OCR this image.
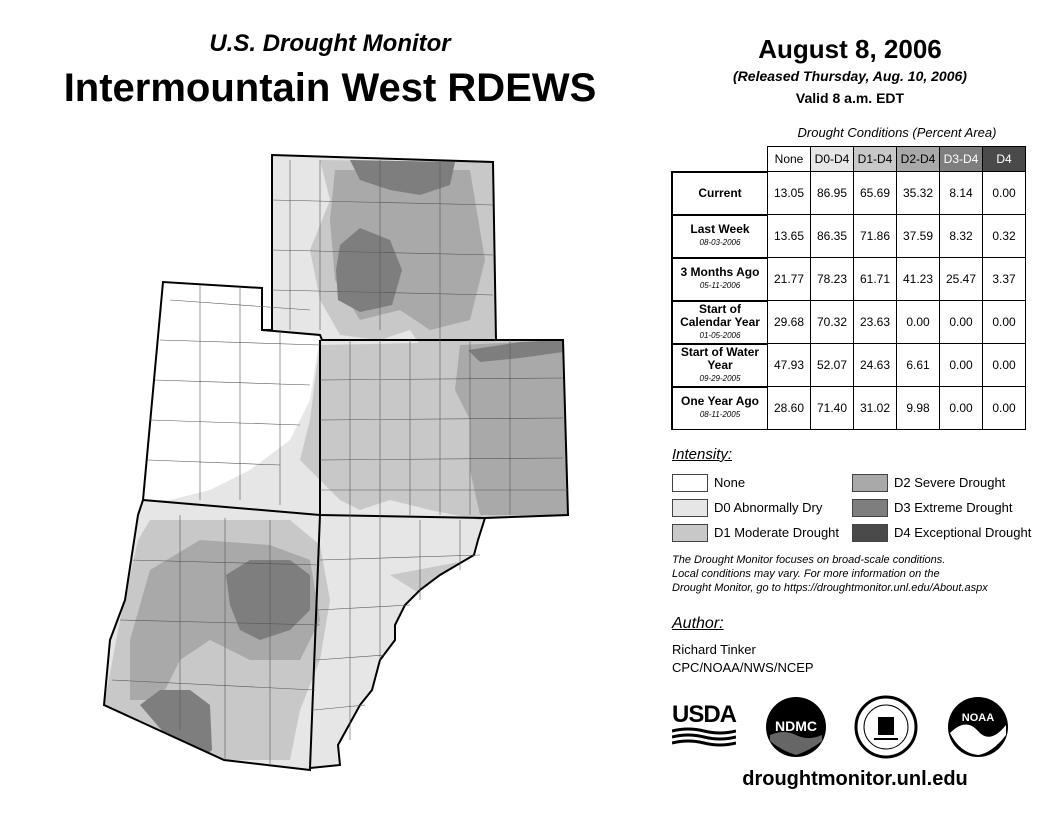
U.S. Drought Monitor
Intermountain West RDEWS
August 8, 2006
(Released Thursday, Aug. 10, 2006)
Valid 8 a.m. EDT
Drought Conditions (Percent Area)
	None	D0-D4	D1-D4	D2-D4	D3-D4	D4
Current	13.05	86.95	65.69	35.32	8.14	0.00
Last Week
08-03-2006	13.65	86.35	71.86	37.59	8.32	0.32
3 Months Ago
05-11-2006	21.77	78.23	61.71	41.23	25.47	3.37
Start of Calendar Year
01-05-2006	29.68	70.32	23.63	0.00	0.00	0.00
Start of Water Year
09-29-2005	47.93	52.07	24.63	6.61	0.00	0.00
One Year Ago
08-11-2005	28.60	71.40	31.02	9.98	0.00	0.00
Intensity:
None
D0 Abnormally Dry
D1 Moderate Drought
D2 Severe Drought
D3 Extreme Drought
D4 Exceptional Drought
The Drought Monitor focuses on broad-scale conditions.
Local conditions may vary. For more information on the
Drought Monitor, go to https://droughtmonitor.unl.edu/About.aspx
Author:
Richard Tinker
CPC/NOAA/NWS/NCEP
USDA	NDMC	NOAA
droughtmonitor.unl.edu
